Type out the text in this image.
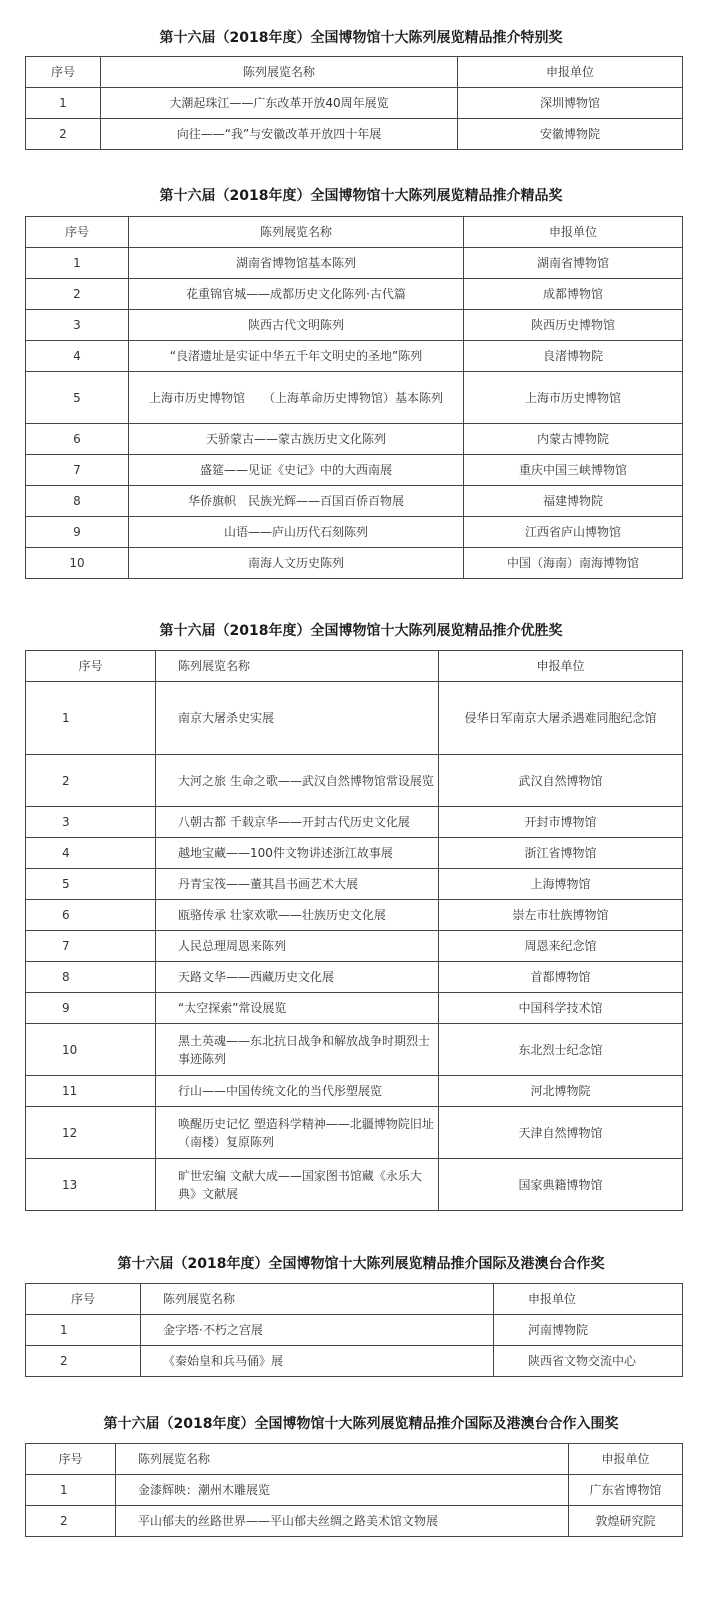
第十六届（2018年度）全国博物馆十大陈列展览精品推介特别奖
序号	陈列展览名称	申报单位
1	大潮起珠江——广东改革开放40周年展览	深圳博物馆
2	向往——“我”与安徽改革开放四十年展	安徽博物院
第十六届（2018年度）全国博物馆十大陈列展览精品推介精品奖
序号	陈列展览名称	申报单位
1	湖南省博物馆基本陈列	湖南省博物馆
2	花重锦官城——成都历史文化陈列·古代篇	成都博物馆
3	陕西古代文明陈列	陕西历史博物馆
4	“良渚遗址是实证中华五千年文明史的圣地”陈列	良渚博物院
5	上海市历史博物馆　　（上海革命历史博物馆）基本陈列	上海市历史博物馆
6	天骄蒙古——蒙古族历史文化陈列	内蒙古博物院
7	盛筵——见证《史记》中的大西南展	重庆中国三峡博物馆
8	华侨旗帜　民族光辉——百国百侨百物展	福建博物院
9	山语——庐山历代石刻陈列	江西省庐山博物馆
10	南海人文历史陈列	中国（海南）南海博物馆
第十六届（2018年度）全国博物馆十大陈列展览精品推介优胜奖
序号	陈列展览名称	申报单位
1	南京大屠杀史实展	侵华日军南京大屠杀遇难同胞纪念馆
2	大河之旅 生命之歌——武汉自然博物馆常设展览	武汉自然博物馆
3	八朝古都 千载京华——开封古代历史文化展	开封市博物馆
4	越地宝藏——100件文物讲述浙江故事展	浙江省博物馆
5	丹青宝筏——董其昌书画艺术大展	上海博物馆
6	瓯骆传承 壮家欢歌——壮族历史文化展	崇左市壮族博物馆
7	人民总理周恩来陈列	周恩来纪念馆
8	天路文华——西藏历史文化展	首都博物馆
9	“太空探索”常设展览	中国科学技术馆
10	黑土英魂——东北抗日战争和解放战争时期烈士事迹陈列	东北烈士纪念馆
11	行山——中国传统文化的当代彤塑展览	河北博物院
12	唤醒历史记忆 塑造科学精神——北疆博物院旧址（南楼）复原陈列	天津自然博物馆
13	旷世宏编 文献大成——国家图书馆藏《永乐大典》文献展	国家典籍博物馆
第十六届（2018年度）全国博物馆十大陈列展览精品推介国际及港澳台合作奖
序号	陈列展览名称	申报单位
1	金字塔·不朽之宫展	河南博物院
2	《秦始皇和兵马俑》展	陕西省文物交流中心
第十六届（2018年度）全国博物馆十大陈列展览精品推介国际及港澳台合作入围奖
序号	陈列展览名称	申报单位
1	金漆辉映：潮州木雕展览	广东省博物馆
2	平山郁夫的丝路世界——平山郁夫丝绸之路美术馆文物展	敦煌研究院
